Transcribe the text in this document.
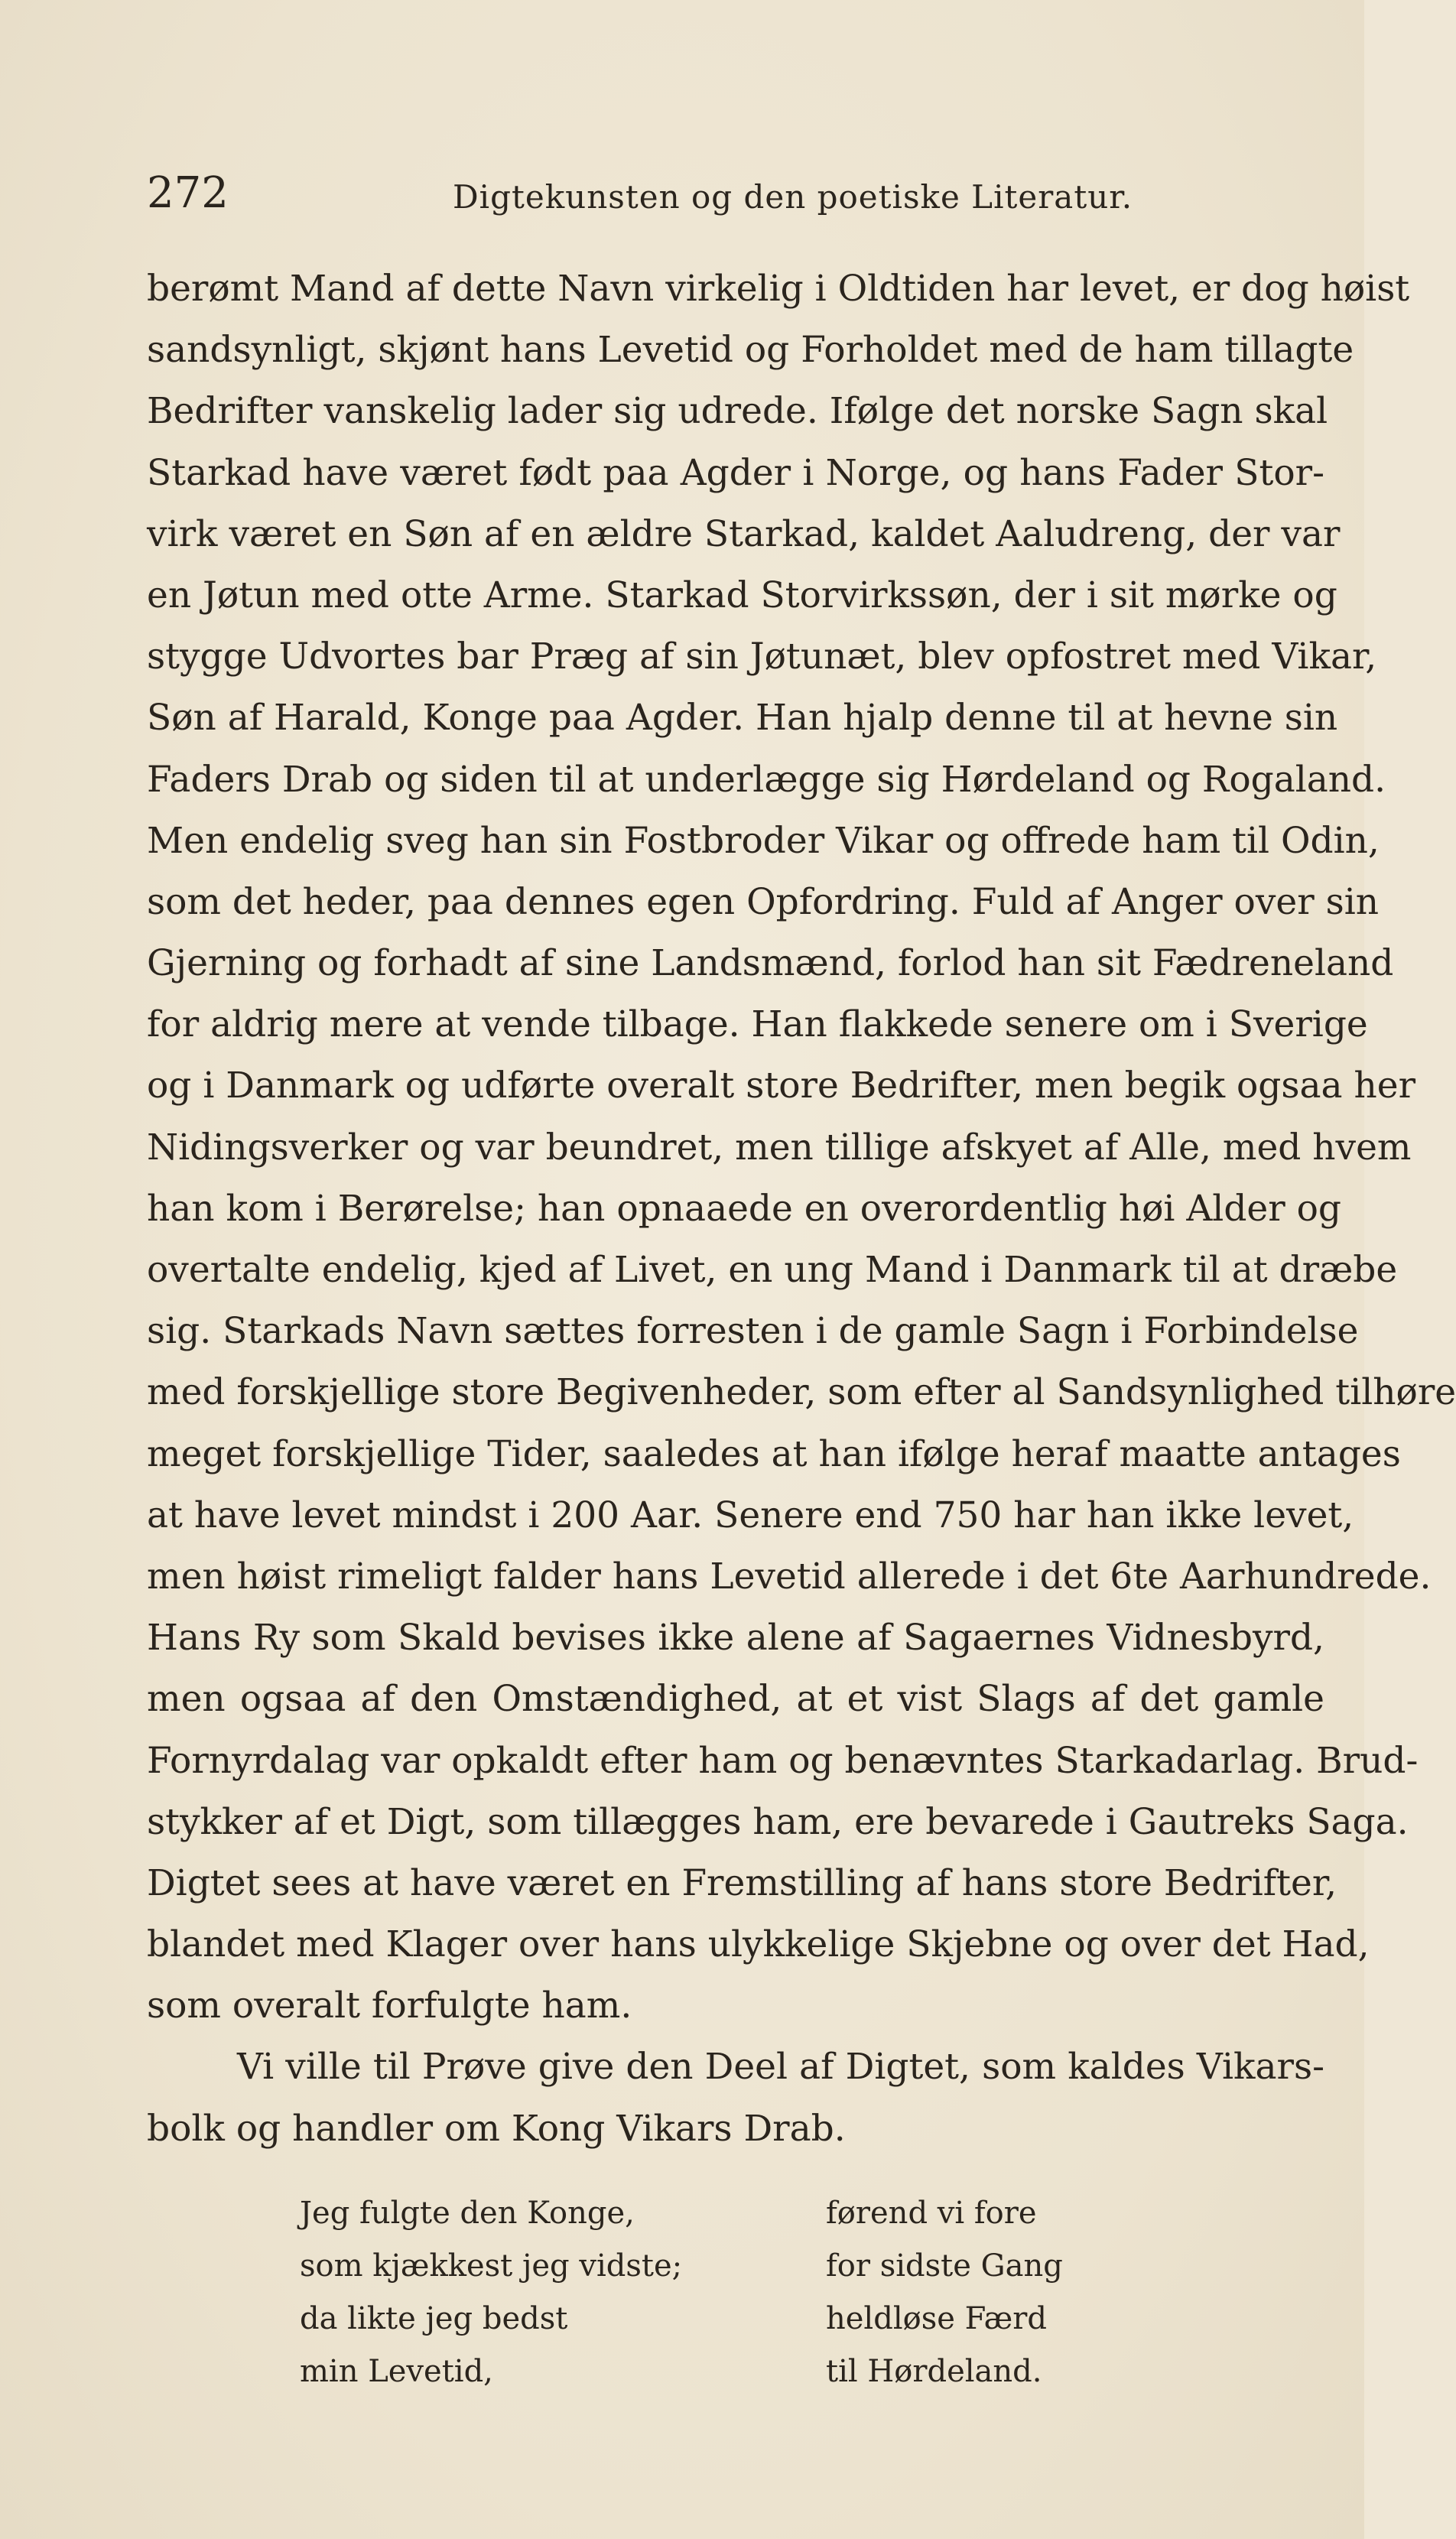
272	Digtekunsten og den poetiske Literatur.
berømt Mand af dette Navn virkelig i Oldtiden har levet, er dog høist
sandsynligt, skjønt hans Levetid og Forholdet med de ham tillagte
Bedrifter vanskelig lader sig udrede. Ifølge det norske Sagn skal
Starkad have været født paa Agder i Norge, og hans Fader Stor-
virk været en Søn af en ældre Starkad, kaldet Aaludreng, der var
en Jøtun med otte Arme. Starkad Storvirkssøn, der i sit mørke og
stygge Udvortes bar Præg af sin Jøtunæt, blev opfostret med Vikar,
Søn af Harald, Konge paa Agder. Han hjalp denne til at hevne sin
Faders Drab og siden til at underlægge sig Hørdeland og Rogaland.
Men endelig sveg han sin Fostbroder Vikar og offrede ham til Odin,
som det heder, paa dennes egen Opfordring. Fuld af Anger over sin
Gjerning og forhadt af sine Landsmænd, forlod han sit Fædreneland
for aldrig mere at vende tilbage. Han flakkede senere om i Sverige
og i Danmark og udførte overalt store Bedrifter, men begik ogsaa her
Nidingsverker og var beundret, men tillige afskyet af Alle, med hvem
han kom i Berørelse; han opnaaede en overordentlig høi Alder og
overtalte endelig, kjed af Livet, en ung Mand i Danmark til at dræbe
sig. Starkads Navn sættes forresten i de gamle Sagn i Forbindelse
med forskjellige store Begivenheder, som efter al Sandsynlighed tilhøre
meget forskjellige Tider, saaledes at han ifølge heraf maatte antages
at have levet mindst i 200 Aar. Senere end 750 har han ikke levet,
men høist rimeligt falder hans Levetid allerede i det 6te Aarhundrede.
Hans Ry som Skald bevises ikke alene af Sagaernes Vidnesbyrd,
men ogsaa af den Omstændighed, at et vist Slags af det gamle
Fornyrdalag var opkaldt efter ham og benævntes Starkadarlag. Brud-
stykker af et Digt, som tillægges ham, ere bevarede i Gautreks Saga.
Digtet sees at have været en Fremstilling af hans store Bedrifter,
blandet med Klager over hans ulykkelige Skjebne og over det Had,
som overalt forfulgte ham.
Vi ville til Prøve give den Deel af Digtet, som kaldes Vikars-
bolk og handler om Kong Vikars Drab.
Jeg fulgte den Konge,
som kjækkest jeg vidste;
da likte jeg bedst
min Levetid,
førend vi fore
for sidste Gang
heldløse Færd
til Hørdeland.
